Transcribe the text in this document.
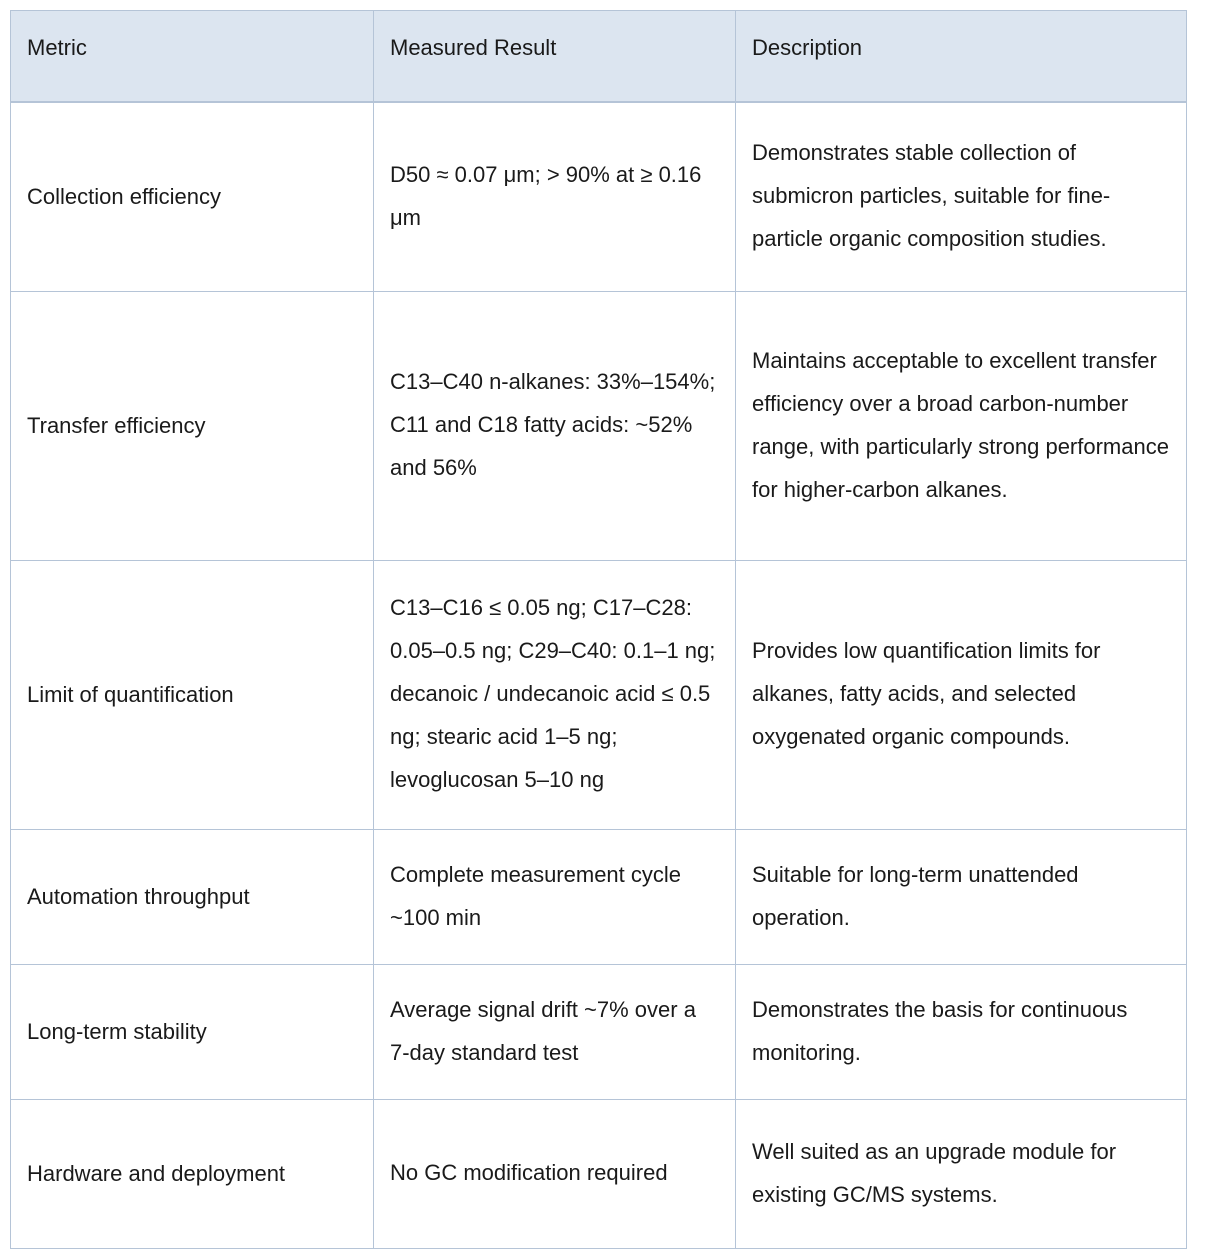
Metric	Measured Result	Description
Collection efficiency	D50 ≈ 0.07 μm; > 90% at ≥ 0.16 μm	Demonstrates stable collection of submicron particles, suitable for fine-particle organic composition studies.
Transfer efficiency	C13–C40 n-alkanes: 33%–154%; C11 and C18 fatty acids: ~52% and 56%	Maintains acceptable to excellent transfer efficiency over a broad carbon-number range, with particularly strong performance for higher-carbon alkanes.
Limit of quantification	C13–C16 ≤ 0.05 ng; C17–C28: 0.05–0.5 ng; C29–C40: 0.1–1 ng; decanoic / undecanoic acid ≤ 0.5 ng; stearic acid 1–5 ng; levoglucosan 5–10 ng	Provides low quantification limits for alkanes, fatty acids, and selected oxygenated organic compounds.
Automation throughput	Complete measurement cycle ~100 min	Suitable for long-term unattended operation.
Long-term stability	Average signal drift ~7% over a 7-day standard test	Demonstrates the basis for continuous monitoring.
Hardware and deployment	No GC modification required	Well suited as an upgrade module for existing GC/MS systems.
